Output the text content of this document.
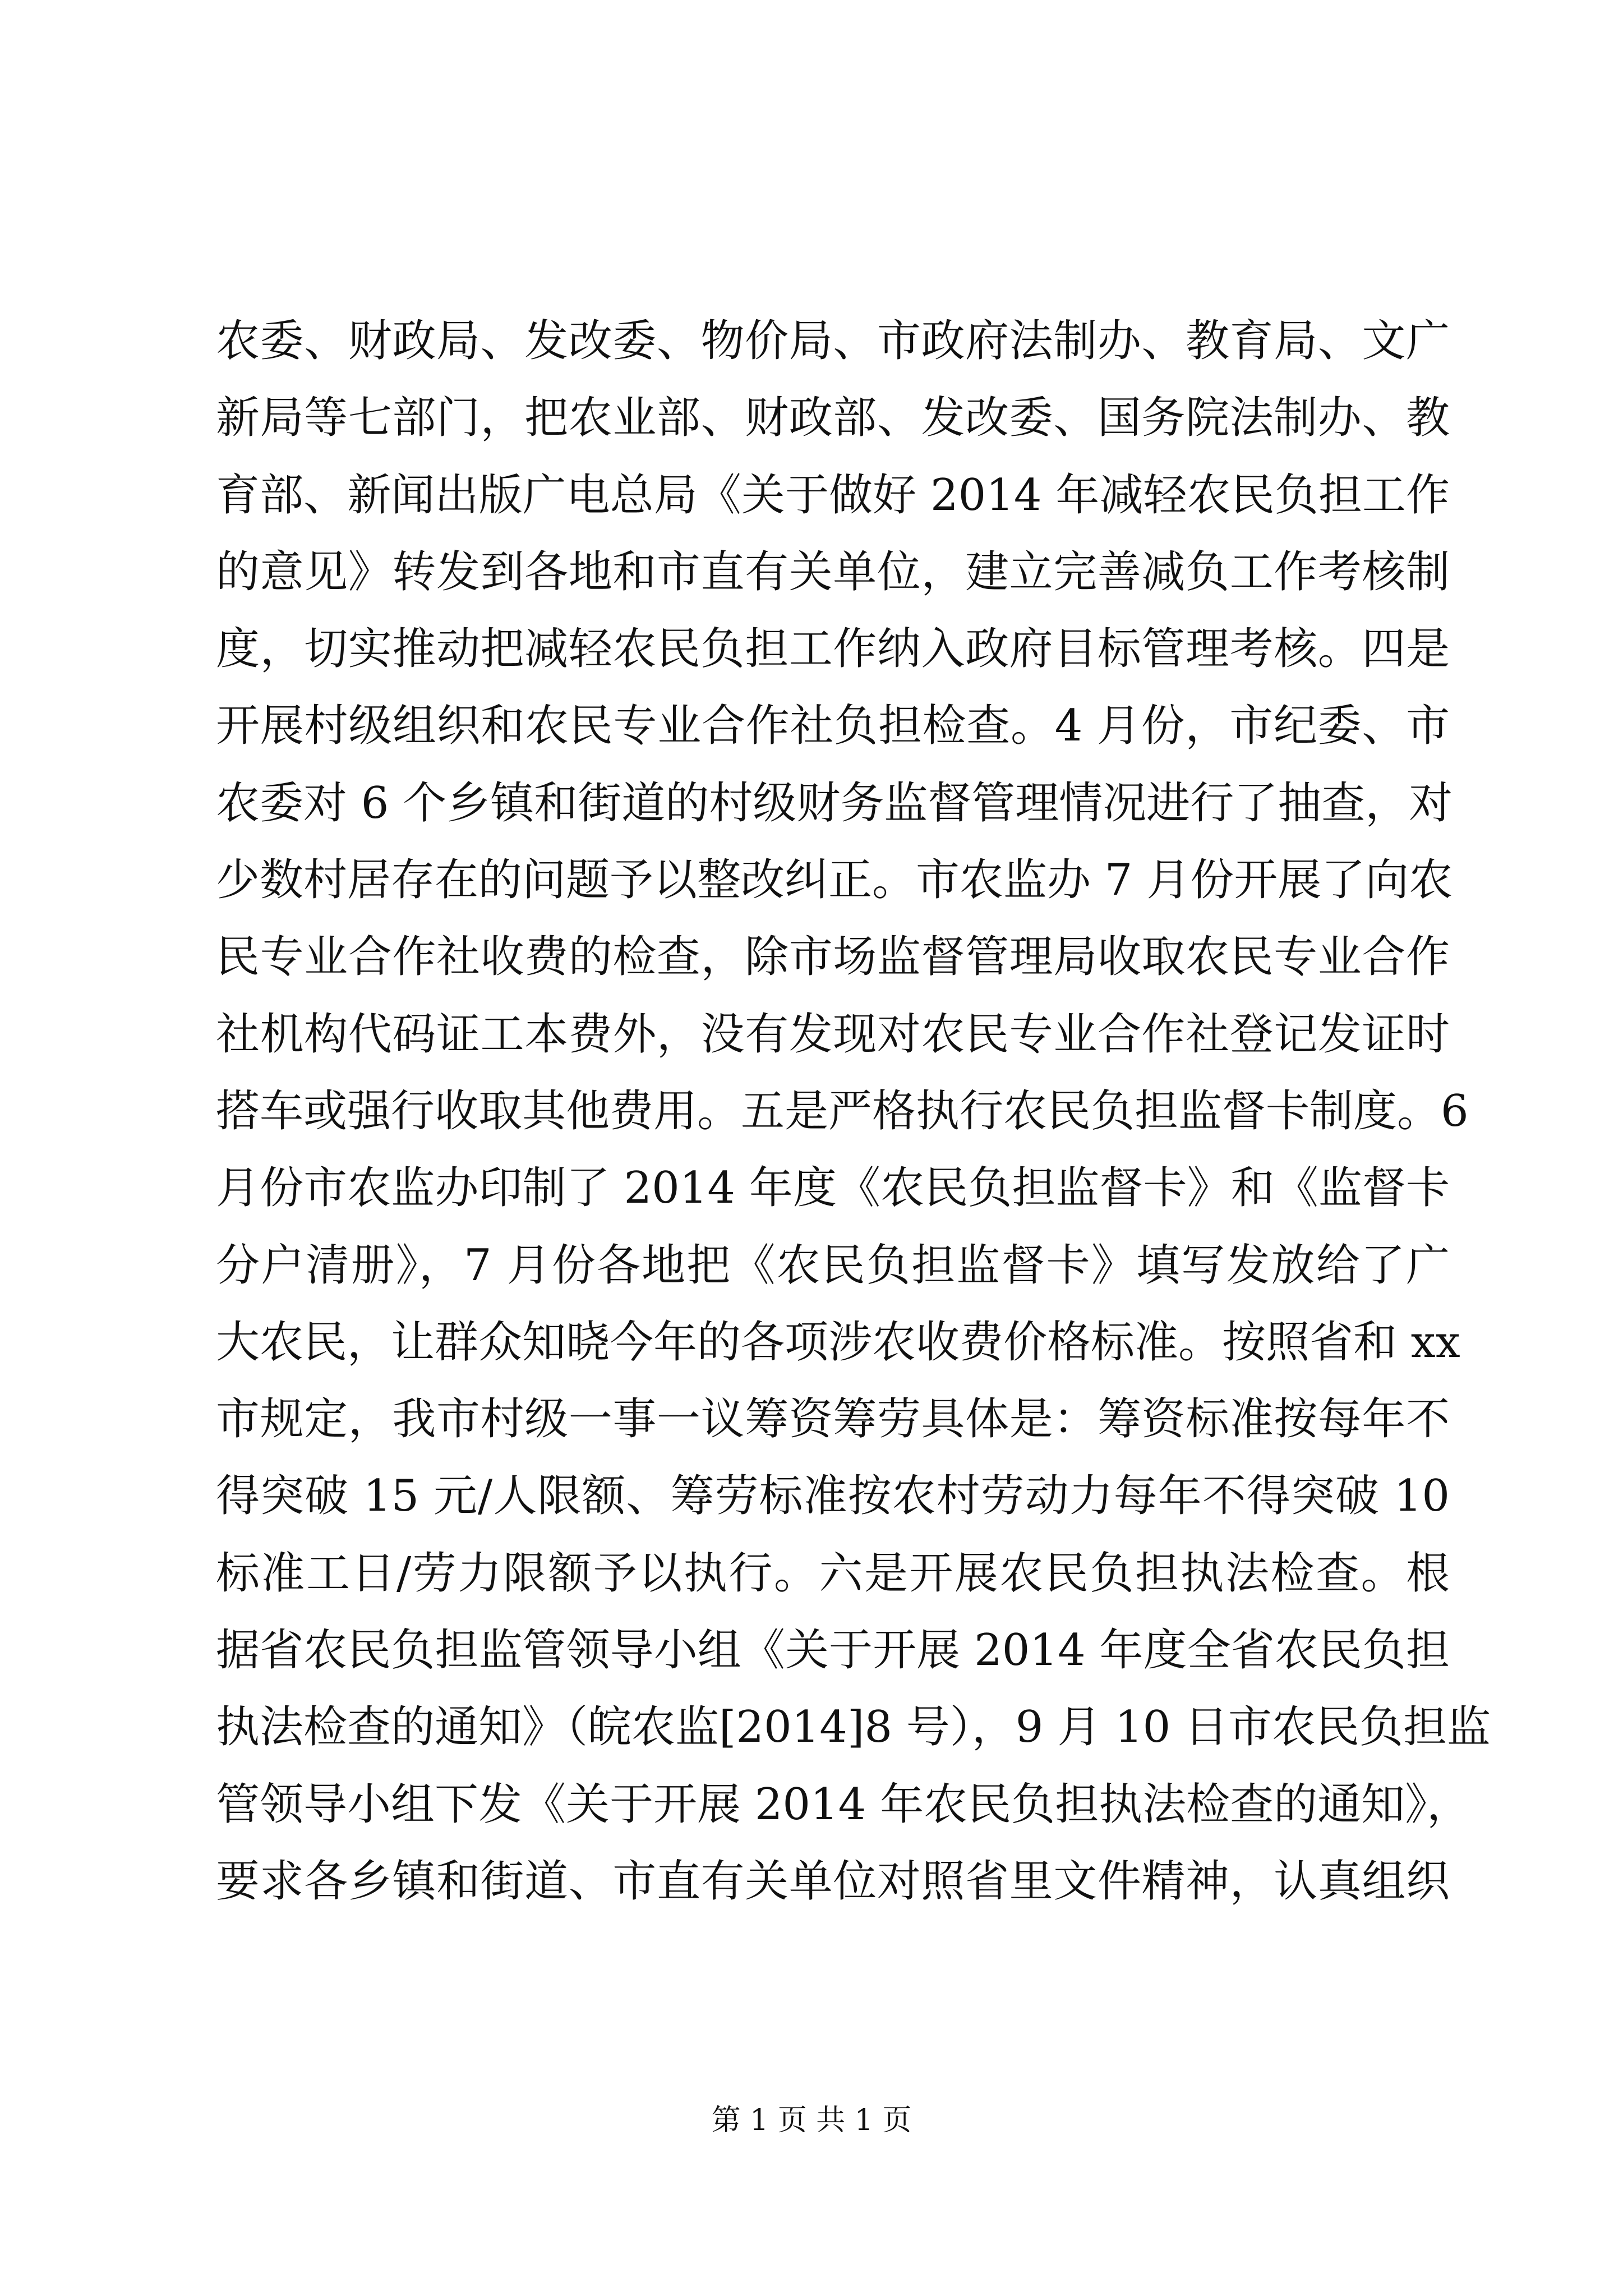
农委、财政局、发改委、物价局、市政府法制办、教育局、文广
新局等七部门，把农业部、财政部、发改委、国务院法制办、教
育部、新闻出版广电总局《关于做好 2014 年减轻农民负担工作
的意见》转发到各地和市直有关单位，建立完善减负工作考核制
度，切实推动把减轻农民负担工作纳入政府目标管理考核。四是
开展村级组织和农民专业合作社负担检查。4 月份，市纪委、市
农委对 6 个乡镇和街道的村级财务监督管理情况进行了抽查，对
少数村居存在的问题予以整改纠正。市农监办 7 月份开展了向农
民专业合作社收费的检查，除市场监督管理局收取农民专业合作
社机构代码证工本费外，没有发现对农民专业合作社登记发证时
搭车或强行收取其他费用。五是严格执行农民负担监督卡制度。6
月份市农监办印制了 2014 年度《农民负担监督卡》和《监督卡
分户清册》，7 月份各地把《农民负担监督卡》填写发放给了广
大农民，让群众知晓今年的各项涉农收费价格标准。按照省和 xx
市规定，我市村级一事一议筹资筹劳具体是：筹资标准按每年不
得突破 15 元/人限额、筹劳标准按农村劳动力每年不得突破 10
标准工日/劳力限额予以执行。六是开展农民负担执法检查。根
据省农民负担监管领导小组《关于开展 2014 年度全省农民负担
执法检查的通知》（皖农监[2014]8 号），9 月 10 日市农民负担监
管领导小组下发《关于开展 2014 年农民负担执法检查的通知》，
要求各乡镇和街道、市直有关单位对照省里文件精神，认真组织
第 1 页 共 1 页
